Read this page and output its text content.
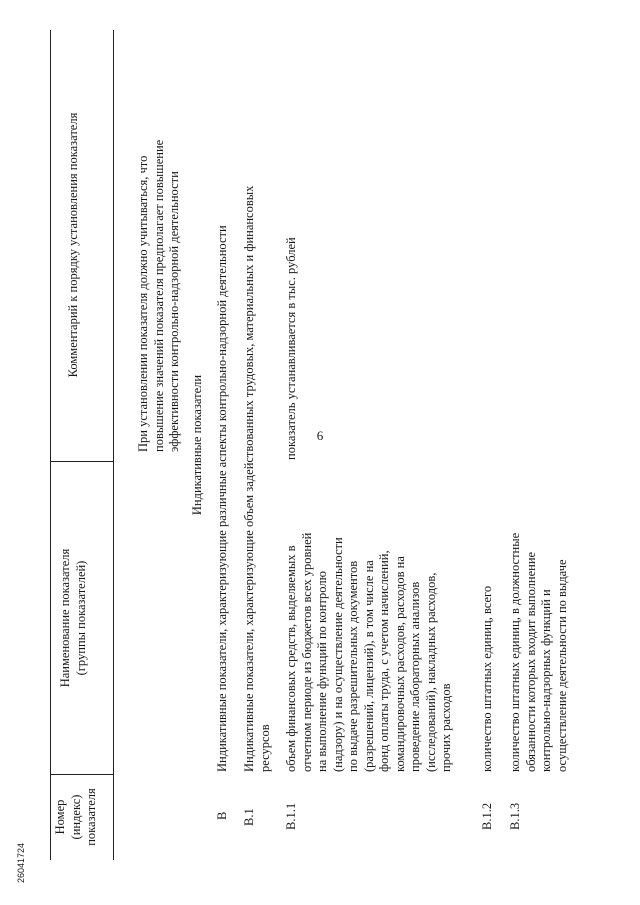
6
Номер
(индекс)
показателя
Наименование показателя
(группы показателей)
Комментарий к порядку установления показателя
При установлении показателя должно учитываться, что
повышение значений показателя предполагает повышение
эффективности контрольно-надзорной деятельности
Индикативные показатели
В
Индикативные показатели, характеризующие различные аспекты контрольно-надзорной деятельности
В.1
Индикативные показатели, характеризующие объем задействованных трудовых, материальных и финансовых
ресурсов
В.1.1
объем финансовых средств, выделяемых в
отчетном периоде из бюджетов всех уровней
на выполнение функций по контролю
(надзору) и на осуществление деятельности
по выдаче разрешительных документов
(разрешений, лицензий), в том числе на
фонд оплаты труда, с учетом начислений,
командировочных расходов, расходов на
проведение лабораторных анализов
(исследований), накладных расходов,
прочих расходов
показатель устанавливается в тыс. рублей
В.1.2
количество штатных единиц, всего
В.1.3
количество штатных единиц, в должностные
обязанности которых входит выполнение
контрольно-надзорных функций и
осуществление деятельности по выдаче
26041724
